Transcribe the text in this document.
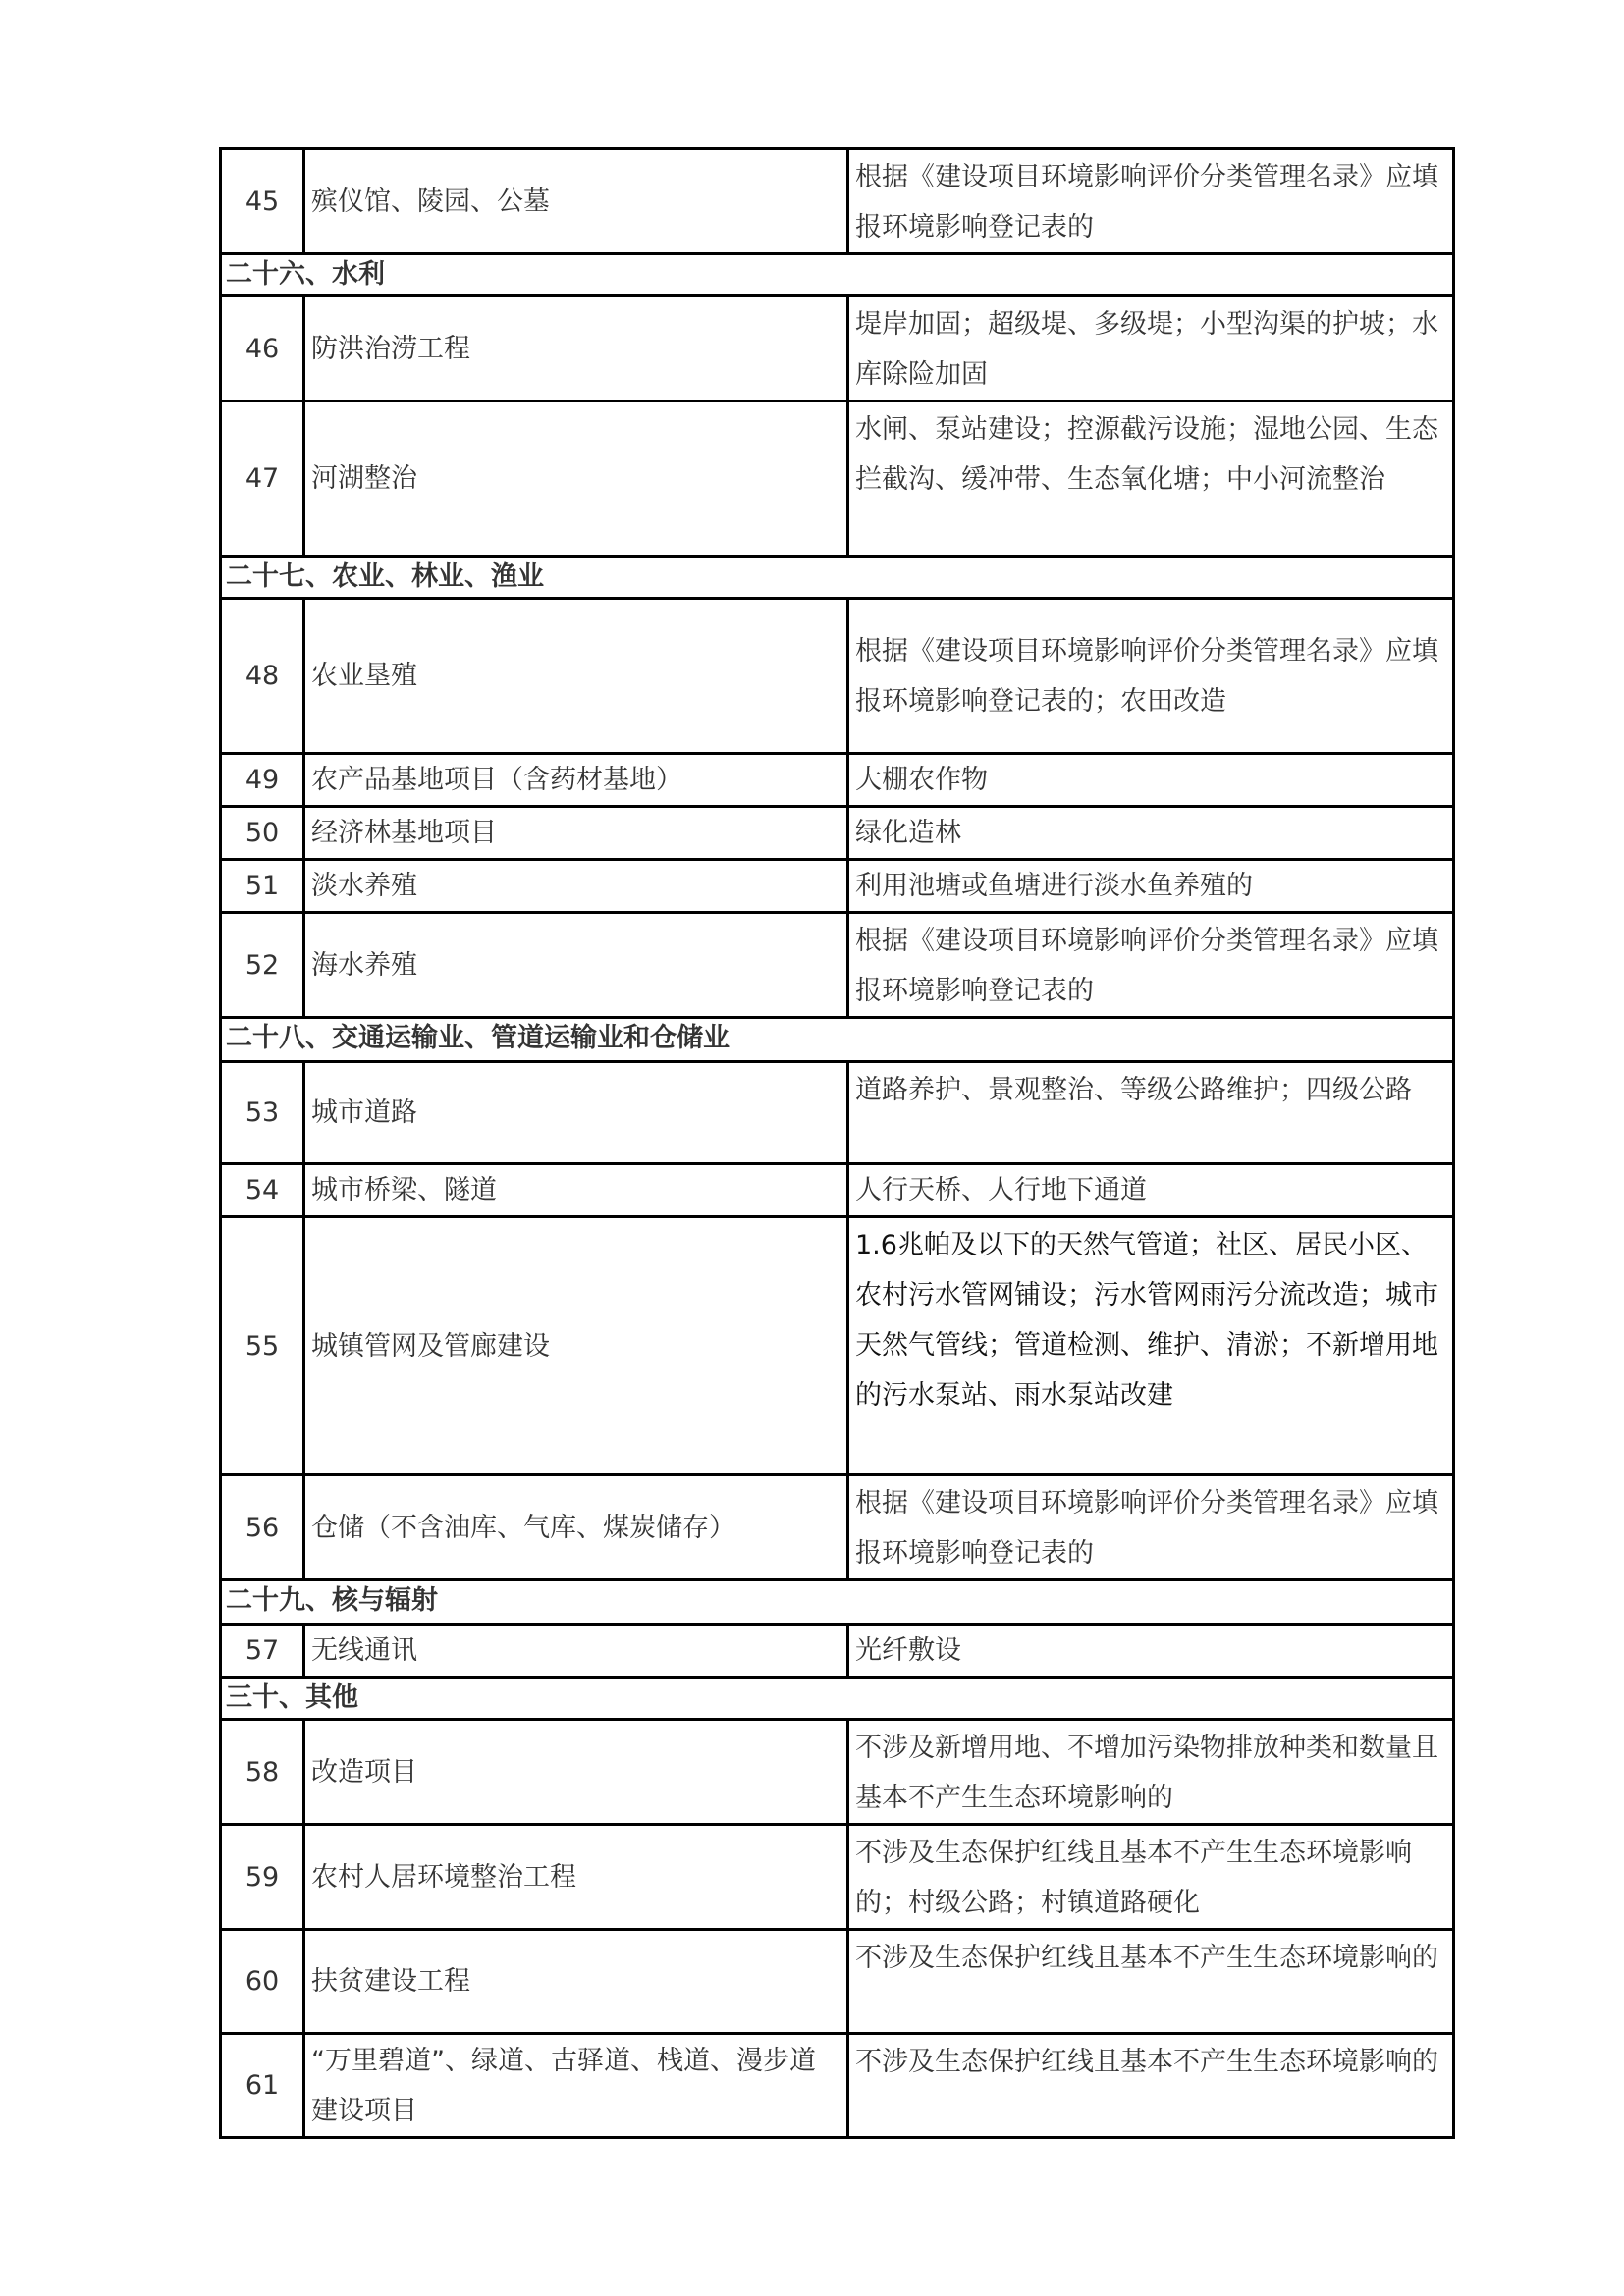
45	殡仪馆、陵园、公墓	根据《建设项目环境影响评价分类管理名录》应填报环境影响登记表的
二十六、水利		
46	防洪治涝工程	堤岸加固；超级堤、多级堤；小型沟渠的护坡；水库除险加固
47	河湖整治	水闸、泵站建设；控源截污设施；湿地公园、生态拦截沟、缓冲带、生态氧化塘；中小河流整治
二十七、农业、林业、渔业		
48	农业垦殖	根据《建设项目环境影响评价分类管理名录》应填报环境影响登记表的；农田改造
49	农产品基地项目（含药材基地）	大棚农作物
50	经济林基地项目	绿化造林
51	淡水养殖	利用池塘或鱼塘进行淡水鱼养殖的
52	海水养殖	根据《建设项目环境影响评价分类管理名录》应填报环境影响登记表的
二十八、交通运输业、管道运输业和仓储业		
53	城市道路	道路养护、景观整治、等级公路维护；四级公路
54	城市桥梁、隧道	人行天桥、人行地下通道
55	城镇管网及管廊建设	1.6兆帕及以下的天然气管道；社区、居民小区、农村污水管网铺设；污水管网雨污分流改造；城市天然气管线；管道检测、维护、清淤；不新增用地的污水泵站、雨水泵站改建
56	仓储（不含油库、气库、煤炭储存）	根据《建设项目环境影响评价分类管理名录》应填报环境影响登记表的
二十九、核与辐射		
57	无线通讯	光纤敷设
三十、其他		
58	改造项目	不涉及新增用地、不增加污染物排放种类和数量且基本不产生生态环境影响的
59	农村人居环境整治工程	不涉及生态保护红线且基本不产生生态环境影响的；村级公路；村镇道路硬化
60	扶贫建设工程	不涉及生态保护红线且基本不产生生态环境影响的
61	“万里碧道”、绿道、古驿道、栈道、漫步道建设项目	不涉及生态保护红线且基本不产生生态环境影响的
